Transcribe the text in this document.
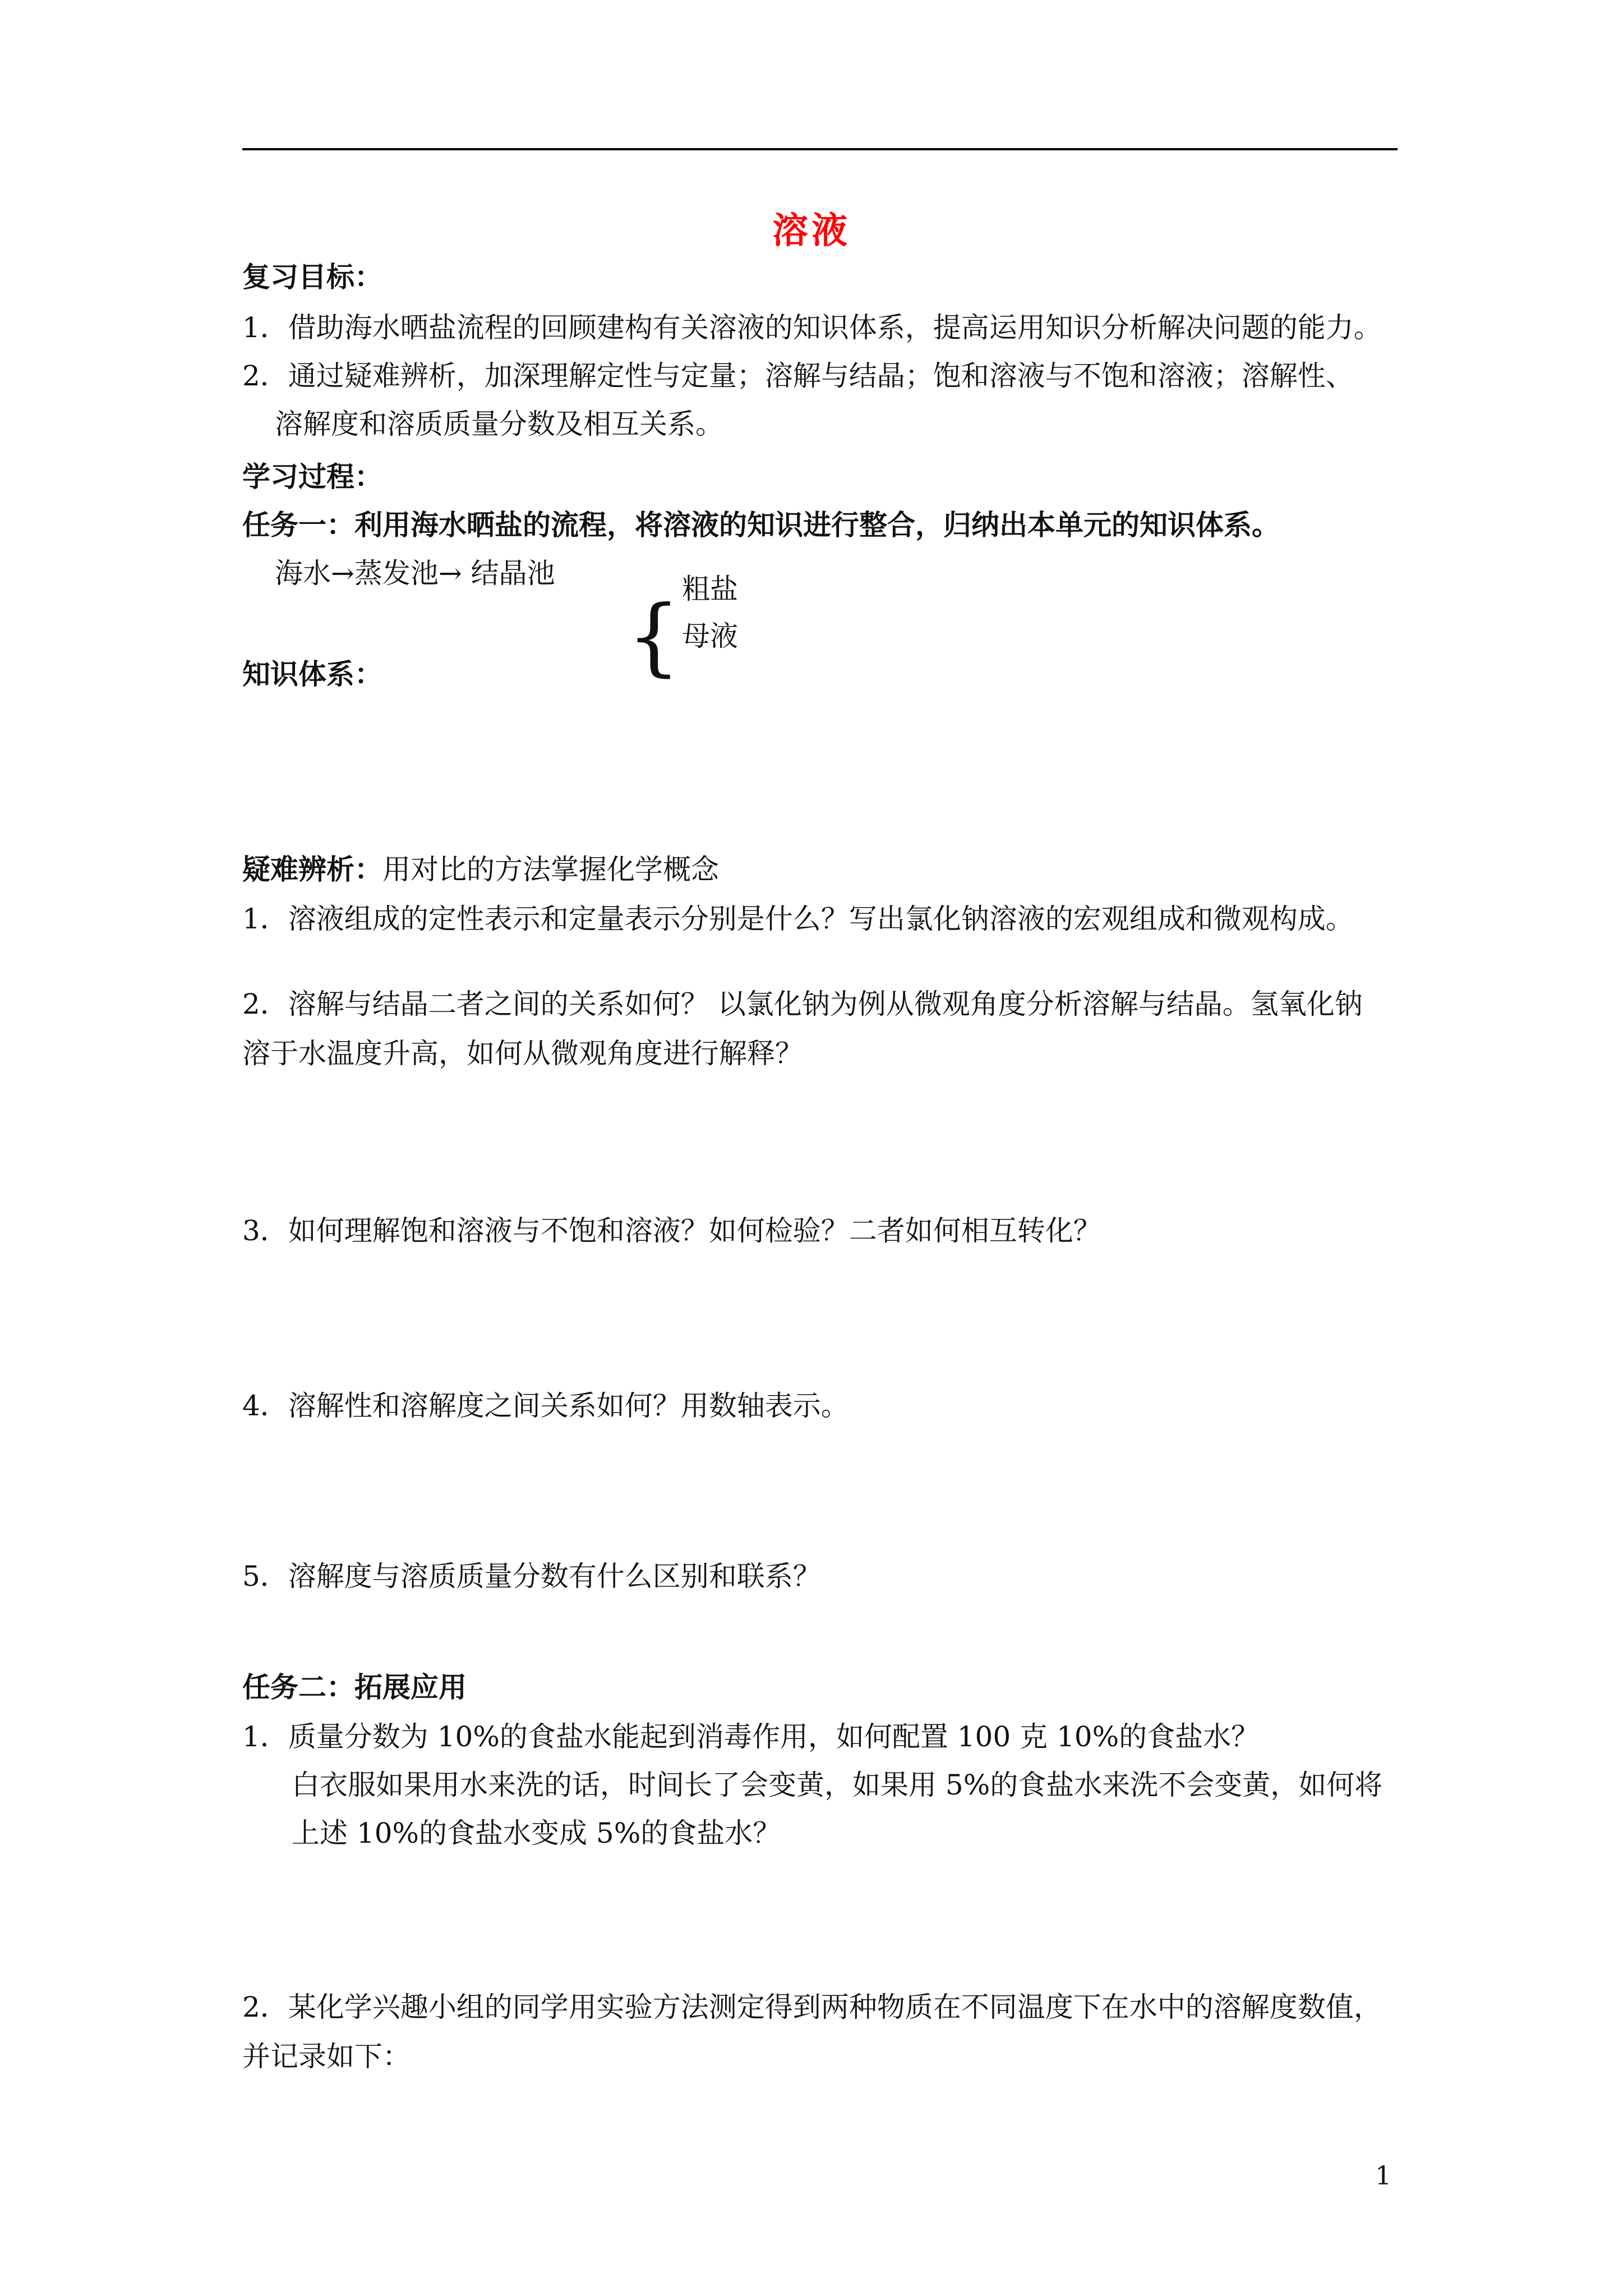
溶液
复习目标：
1．借助海水晒盐流程的回顾建构有关溶液的知识体系，提高运用知识分析解决问题的能力。
2．通过疑难辨析，加深理解定性与定量；溶解与结晶；饱和溶液与不饱和溶液；溶解性、
溶解度和溶质质量分数及相互关系。
学习过程：
任务一：利用海水晒盐的流程，将溶液的知识进行整合，归纳出本单元的知识体系。
海水→蒸发池→ 结晶池
{ 粗盐
母液
知识体系：
疑难辨析：用对比的方法掌握化学概念
1．溶液组成的定性表示和定量表示分别是什么？写出氯化钠溶液的宏观组成和微观构成。
2．溶解与结晶二者之间的关系如何？ 以氯化钠为例从微观角度分析溶解与结晶。氢氧化钠
溶于水温度升高，如何从微观角度进行解释？
3．如何理解饱和溶液与不饱和溶液？如何检验？二者如何相互转化？
4．溶解性和溶解度之间关系如何？用数轴表示。
5．溶解度与溶质质量分数有什么区别和联系？
任务二：拓展应用
1．质量分数为 10%的食盐水能起到消毒作用，如何配置 100 克 10%的食盐水？
白衣服如果用水来洗的话，时间长了会变黄，如果用 5%的食盐水来洗不会变黄，如何将
上述 10%的食盐水变成 5%的食盐水？
2．某化学兴趣小组的同学用实验方法测定得到两种物质在不同温度下在水中的溶解度数值，
并记录如下：
1
